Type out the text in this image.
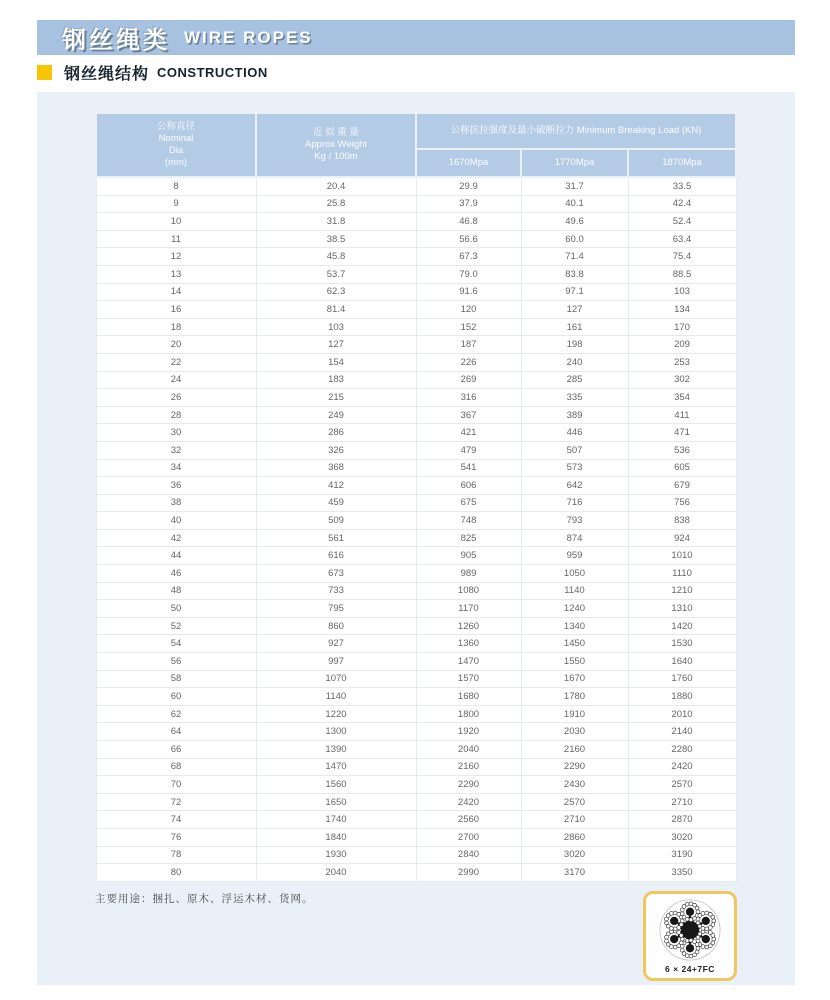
钢丝绳类 WIRE ROPES
钢丝绳结构 CONSTRUCTION
公称直径
Nominal
Dia
(mm)	近 似 重 量
Approx Weight
Kg / 100m	公称抗拉强度及最小破断拉力 Minimum Breaking Load (KN)		
		1670Mpa	1770Mpa	1870Mpa
8	20.4	29.9	31.7	33.5
9	25.8	37.9	40.1	42.4
10	31.8	46.8	49.6	52.4
11	38.5	56.6	60.0	63.4
12	45.8	67.3	71.4	75.4
13	53.7	79.0	83.8	88.5
14	62.3	91.6	97.1	103
16	81.4	120	127	134
18	103	152	161	170
20	127	187	198	209
22	154	226	240	253
24	183	269	285	302
26	215	316	335	354
28	249	367	389	411
30	286	421	446	471
32	326	479	507	536
34	368	541	573	605
36	412	606	642	679
38	459	675	716	756
40	509	748	793	838
42	561	825	874	924
44	616	905	959	1010
46	673	989	1050	1110
48	733	1080	1140	1210
50	795	1170	1240	1310
52	860	1260	1340	1420
54	927	1360	1450	1530
56	997	1470	1550	1640
58	1070	1570	1670	1760
60	1140	1680	1780	1880
62	1220	1800	1910	2010
64	1300	1920	2030	2140
66	1390	2040	2160	2280
68	1470	2160	2290	2420
70	1560	2290	2430	2570
72	1650	2420	2570	2710
74	1740	2560	2710	2870
76	1840	2700	2860	3020
78	1930	2840	3020	3190
80	2040	2990	3170	3350
主要用途：捆扎、原木、浮运木材、货网。
6 × 24+7FC
